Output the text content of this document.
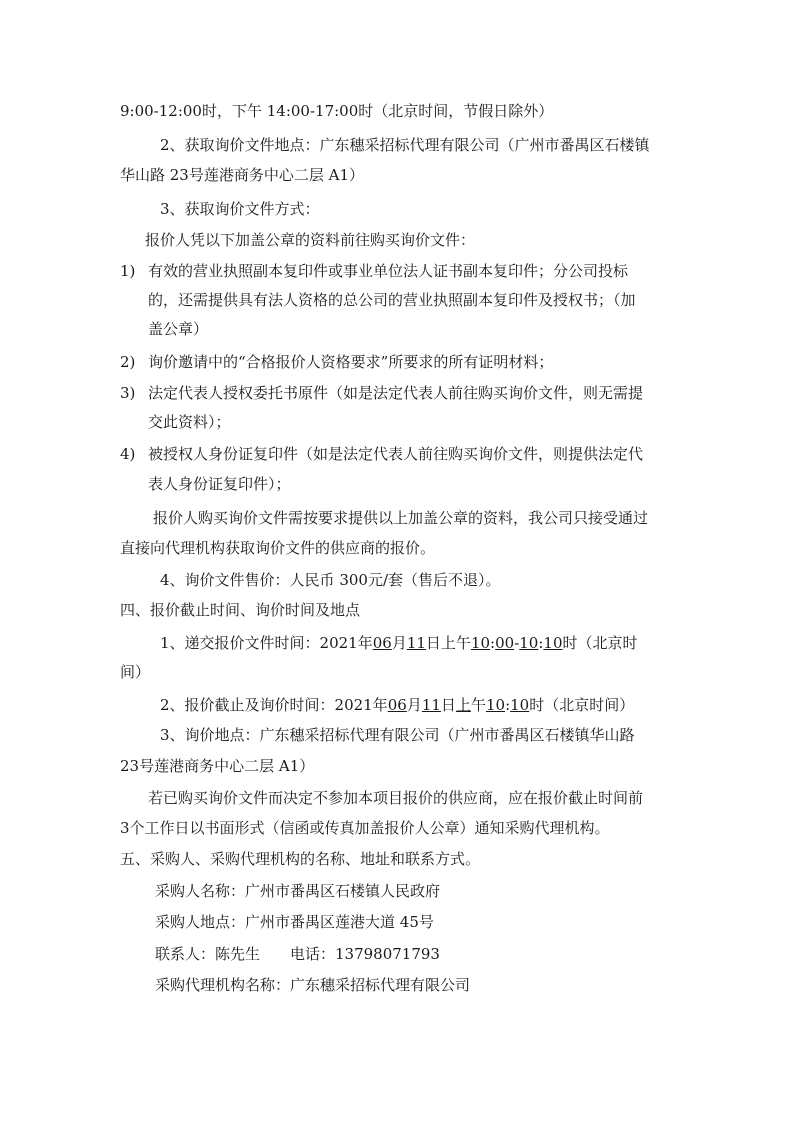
9:00-12:00时，下午 14:00-17:00时（北京时间，节假日除外）
2、获取询价文件地点：广东穗采招标代理有限公司（广州市番禺区石楼镇
华山路 23号莲港商务中心二层 A1）
3、获取询价文件方式：
报价人凭以下加盖公章的资料前往购买询价文件：
1) 有效的营业执照副本复印件或事业单位法人证书副本复印件；分公司投标
的，还需提供具有法人资格的总公司的营业执照副本复印件及授权书；（加
盖公章）
2) 询价邀请中的“合格报价人资格要求”所要求的所有证明材料；
3) 法定代表人授权委托书原件（如是法定代表人前往购买询价文件，则无需提
交此资料）；
4) 被授权人身份证复印件（如是法定代表人前往购买询价文件，则提供法定代
表人身份证复印件）；
报价人购买询价文件需按要求提供以上加盖公章的资料，我公司只接受通过
直接向代理机构获取询价文件的供应商的报价。
4、询价文件售价：人民币 300元/套（售后不退）。
四、报价截止时间、询价时间及地点
1、递交报价文件时间：2021年06月11日上午10:00-10:10时（北京时
间）
2、报价截止及询价时间：2021年06月11日上午10:10时（北京时间）
3、询价地点：广东穗采招标代理有限公司（广州市番禺区石楼镇华山路
23号莲港商务中心二层 A1）
若已购买询价文件而决定不参加本项目报价的供应商，应在报价截止时间前
3个工作日以书面形式（信函或传真加盖报价人公章）通知采购代理机构。
五、采购人、采购代理机构的名称、地址和联系方式。
采购人名称：广州市番禺区石楼镇人民政府
采购人地点：广州市番禺区莲港大道 45号
联系人：陈先生 电话：13798071793
采购代理机构名称：广东穗采招标代理有限公司
